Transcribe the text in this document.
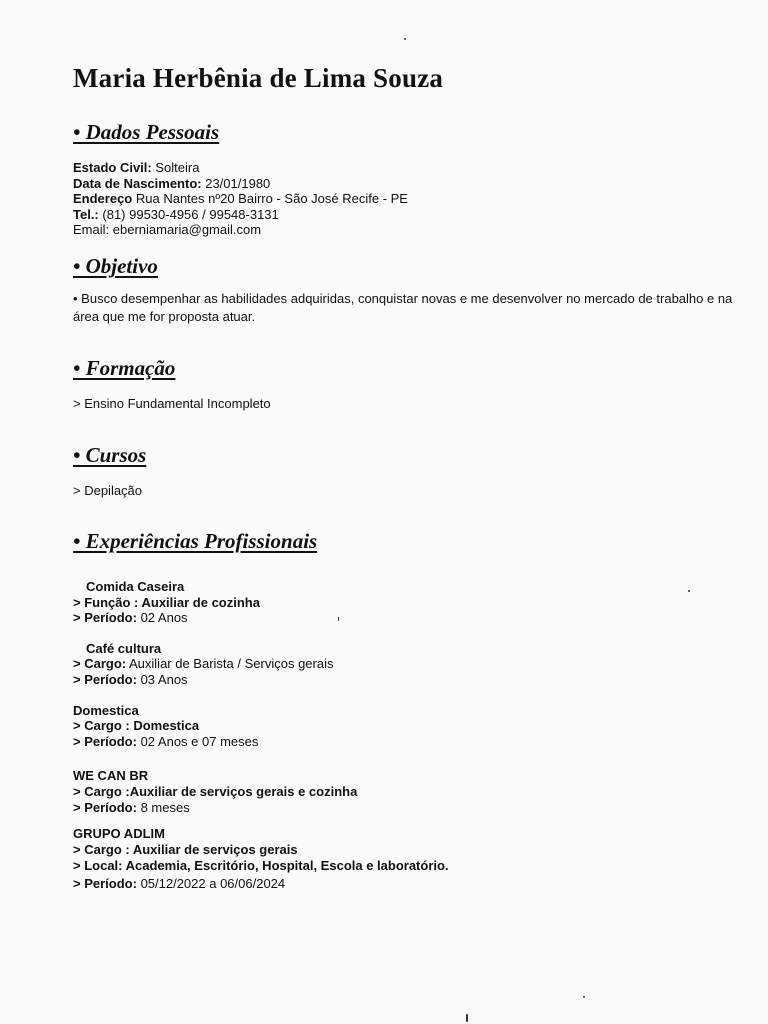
Maria Herbênia de Lima Souza
• Dados Pessoais
Estado Civil: Solteira
Data de Nascimento: 23/01/1980
Endereço Rua Nantes nº20 Bairro - São José Recife - PE
Tel.: (81) 99530-4956 / 99548-3131
Email: eberniamaria@gmail.com
• Objetivo
• Busco desempenhar as habilidades adquiridas, conquistar novas e me desenvolver no mercado de trabalho e na área que me for proposta atuar.
• Formação
> Ensino Fundamental Incompleto
• Cursos
> Depilação
• Experiências Profissionais
Comida Caseira
> Função : Auxiliar de cozinha
> Período: 02 Anos
Café cultura
> Cargo: Auxiliar de Barista / Serviços gerais
> Período: 03 Anos
Domestica
> Cargo : Domestica
> Período: 02 Anos e 07 meses
WE CAN BR
> Cargo :Auxiliar de serviços gerais e cozinha
> Período: 8 meses
GRUPO ADLIM
> Cargo : Auxiliar de serviços gerais
> Local: Academia, Escritório, Hospital, Escola e laboratório.
> Período: 05/12/2022 a 06/06/2024
